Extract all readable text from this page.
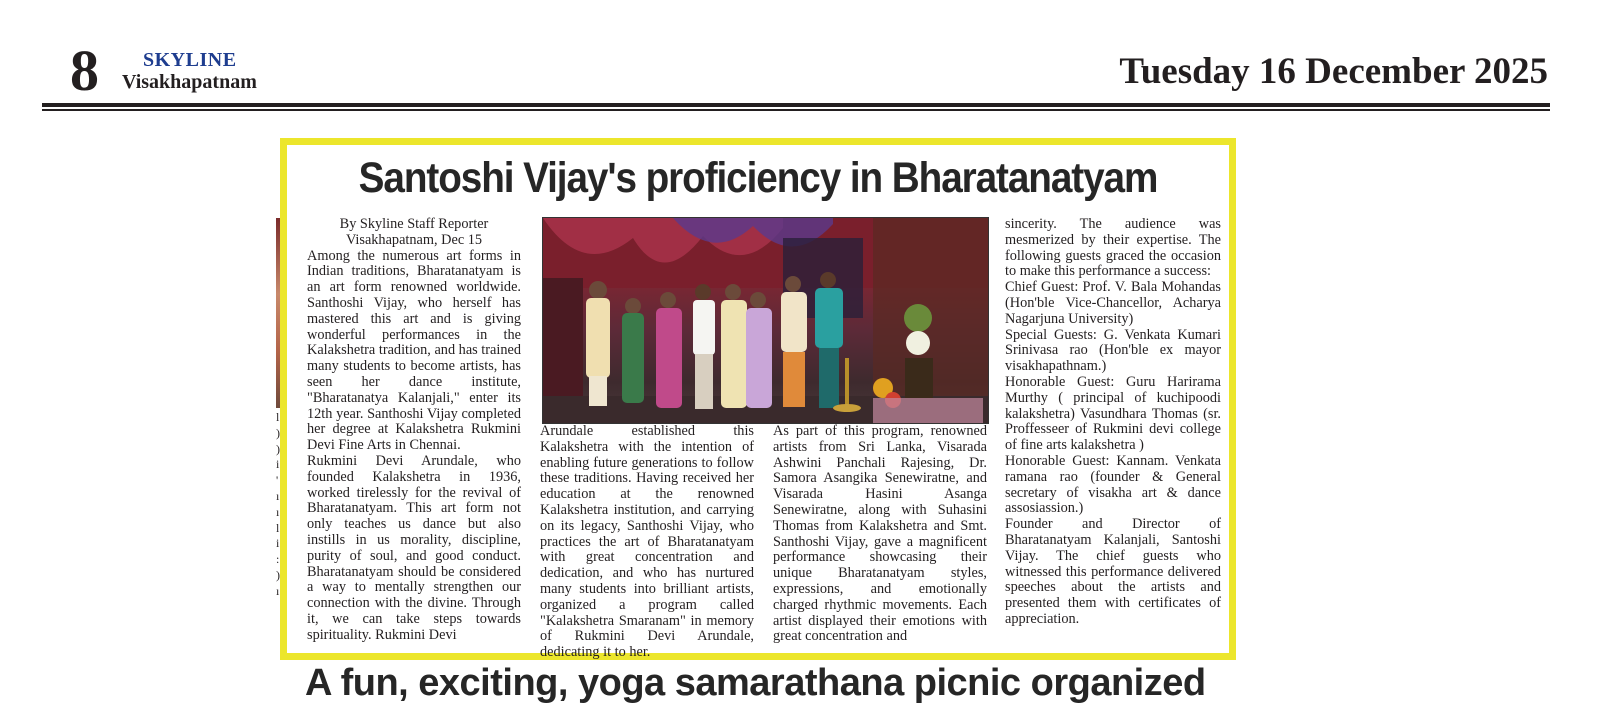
8 SKYLINE
Visakhapatnam	Tuesday 16 December 2025
l ) ) i ' ı ı l i : ) ı
Santoshi Vijay's proficiency in Bharatanatyam

By Skyline Staff Reporter

Visakhapatnam, Dec 15

Among the numerous art forms in Indian traditions, Bharatanatyam is an art form renowned worldwide. Santhoshi Vijay, who herself has mastered this art and is giving wonderful performances in the Kalakshetra tradition, and has trained many students to become artists, has seen her dance institute, "Bharatanatya Kalanjali," enter its 12th year. Santhoshi Vijay completed her degree at Kalakshetra Rukmini Devi Fine Arts in Chennai.

Rukmini Devi Arundale, who founded Kalakshetra in 1936, worked tirelessly for the revival of Bharatanatyam. This art form not only teaches us dance but also instills in us morality, discipline, purity of soul, and good conduct. Bharatanatyam should be considered a way to mentally strengthen our connection with the divine. Through it, we can take steps towards spirituality. Rukmini Devi

Arundale established this Kalakshetra with the intention of enabling future generations to follow these traditions. Having received her education at the renowned Kalakshetra institution, and carrying on its legacy, Santhoshi Vijay, who practices the art of Bharatanatyam with great concentration and dedication, and who has nurtured many students into brilliant artists, organized a program called "Kalakshetra Smaranam" in memory of Rukmini Devi Arundale, dedicating it to her.

As part of this program, renowned artists from Sri Lanka, Visarada Ashwini Panchali Rajesing, Dr. Samora Asangika Senewiratne, and Visarada Hasini Asanga Senewiratne, along with Suhasini Thomas from Kalakshetra and Smt. Santhoshi Vijay, gave a magnificent performance showcasing their unique Bharatanatyam styles, expressions, and emotionally charged rhythmic movements. Each artist displayed their emotions with great concentration and

sincerity. The audience was mesmerized by their expertise. The following guests graced the occasion to make this performance a success:

Chief Guest: Prof. V. Bala Mohandas (Hon'ble Vice-Chancellor, Acharya Nagarjuna University)

Special Guests: G. Venkata Kumari Srinivasa rao (Hon'ble ex mayor visakhapathnam.)

Honorable Guest: Guru Harirama Murthy ( principal of kuchipoodi kalakshetra) Vasundhara Thomas (sr. Proffesseer of Rukmini devi college of fine arts kalakshetra )

Honorable Guest: Kannam. Venkata ramana rao (founder & General secretary of visakha art & dance assosiassion.)

Founder and Director of Bharatanatyam Kalanjali, Santoshi Vijay. The chief guests who witnessed this performance delivered speeches about the artists and presented them with certificates of appreciation.

A fun, exciting, yoga samarathana picnic organized
